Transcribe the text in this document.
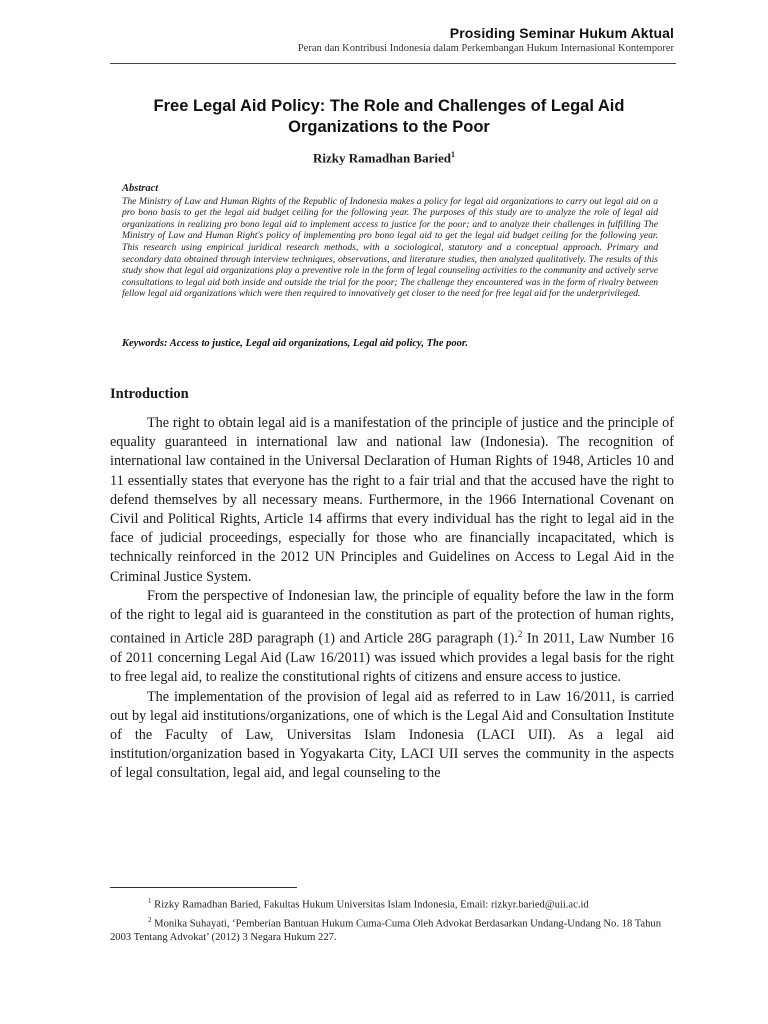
Prosiding Seminar Hukum Aktual
Peran dan Kontribusi Indonesia dalam Perkembangan Hukum Internasional Kontemporer
Free Legal Aid Policy: The Role and Challenges of Legal Aid Organizations to the Poor
Rizky Ramadhan Baried$^1$
Abstract
The Ministry of Law and Human Rights of the Republic of Indonesia makes a policy for legal aid organizations to carry out legal aid on a pro bono basis to get the legal aid budget ceiling for the following year. The purposes of this study are to analyze the role of legal aid organizations in realizing pro bono legal aid to implement access to justice for the poor; and to analyze their challenges in fulfilling The Ministry of Law and Human Right's policy of implementing pro bono legal aid to get the legal aid budget ceiling for the following year. This research using empirical juridical research methods, with a sociological, statutory and a conceptual approach. Primary and secondary data obtained through interview techniques, observations, and literature studies, then analyzed qualitatively. The results of this study show that legal aid organizations play a preventive role in the form of legal counseling activities to the community and actively serve consultations to legal aid both inside and outside the trial for the poor; The challenge they encountered was in the form of rivalry between fellow legal aid organizations which were then required to innovatively get closer to the need for free legal aid for the underprivileged.
Keywords: Access to justice, Legal aid organizations, Legal aid policy, The poor.
Introduction

The right to obtain legal aid is a manifestation of the principle of justice and the principle of equality guaranteed in international law and national law (Indonesia). The recognition of international law contained in the Universal Declaration of Human Rights of 1948, Articles 10 and 11 essentially states that everyone has the right to a fair trial and that the accused have the right to defend themselves by all necessary means. Furthermore, in the 1966 International Covenant on Civil and Political Rights, Article 14 affirms that every individual has the right to legal aid in the face of judicial proceedings, especially for those who are financially incapacitated, which is technically reinforced in the 2012 UN Principles and Guidelines on Access to Legal Aid in the Criminal Justice System.

From the perspective of Indonesian law, the principle of equality before the law in the form of the right to legal aid is guaranteed in the constitution as part of the protection of human rights, contained in Article 28D paragraph (1) and Article 28G paragraph (1).$^2$ In 2011, Law Number 16 of 2011 concerning Legal Aid (Law 16/2011) was issued which provides a legal basis for the right to free legal aid, to realize the constitutional rights of citizens and ensure access to justice.

The implementation of the provision of legal aid as referred to in Law 16/2011, is carried out by legal aid institutions/organizations, one of which is the Legal Aid and Consultation Institute of the Faculty of Law, Universitas Islam Indonesia (LACI UII). As a legal aid institution/organization based in Yogyakarta City, LACI UII serves the community in the aspects of legal consultation, legal aid, and legal counseling to the

$^1$ Rizky Ramadhan Baried, Fakultas Hukum Universitas Islam Indonesia, Email: rizkyr.baried@uii.ac.id

$^2$ Monika Suhayati, ‘Pemberian Bantuan Hukum Cuma-Cuma Oleh Advokat Berdasarkan Undang-Undang No. 18 Tahun 2003 Tentang Advokat’ (2012) 3 Negara Hukum 227.
